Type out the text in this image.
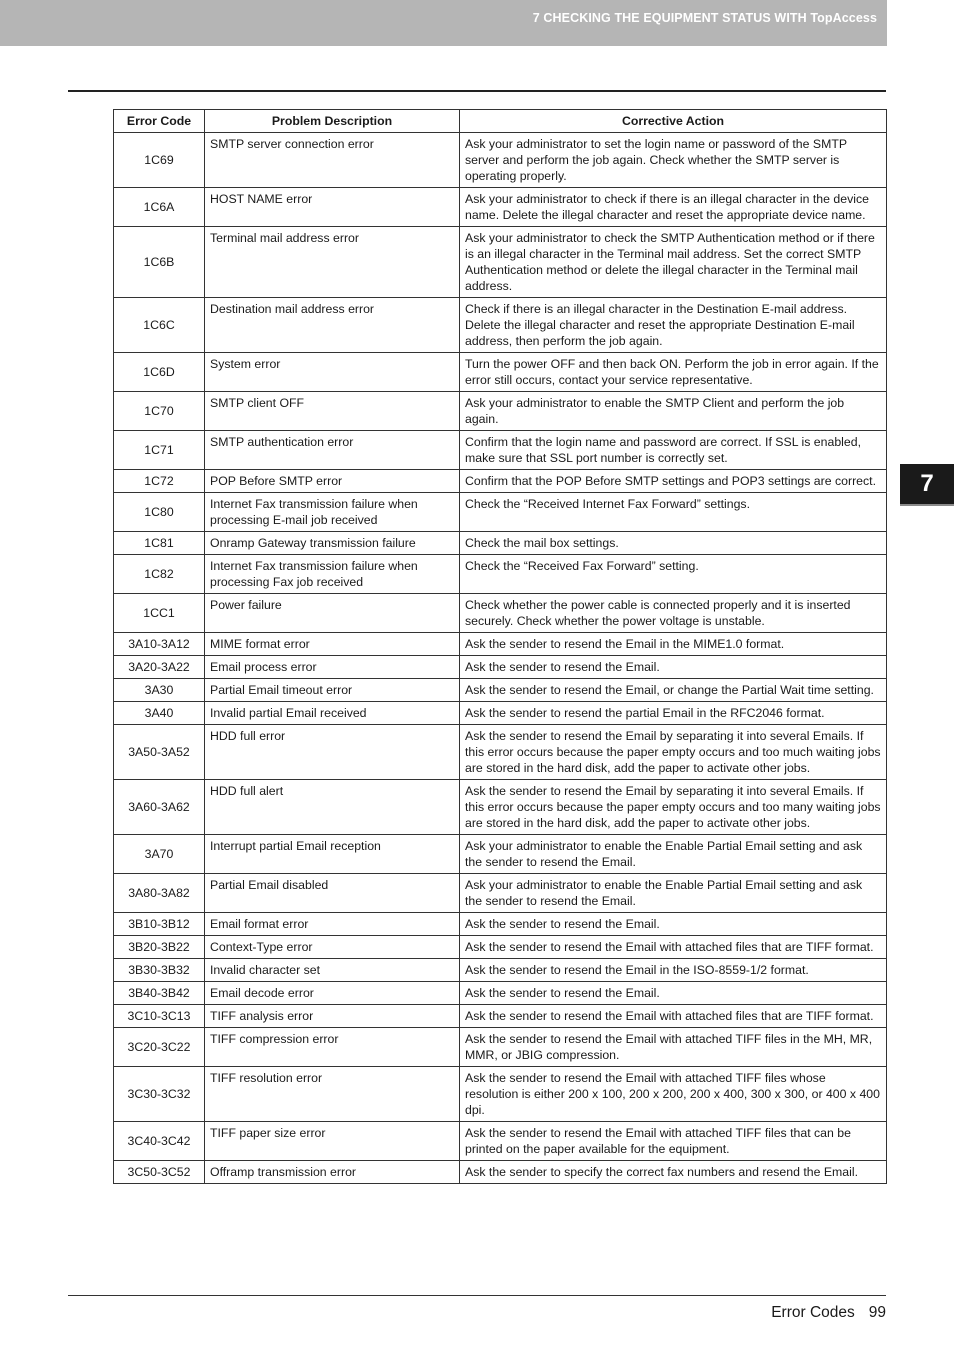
7 CHECKING THE EQUIPMENT STATUS WITH TopAccess
7
Error Code	Problem Description	Corrective Action
1C69	SMTP server connection error	Ask your administrator to set the login name or password of the SMTP server and perform the job again. Check whether the SMTP server is operating properly.
1C6A	HOST NAME error	Ask your administrator to check if there is an illegal character in the device name. Delete the illegal character and reset the appropriate device name.
1C6B	Terminal mail address error	Ask your administrator to check the SMTP Authentication method or if there is an illegal character in the Terminal mail address. Set the correct SMTP Authentication method or delete the illegal character in the Terminal mail address.
1C6C	Destination mail address error	Check if there is an illegal character in the Destination E-mail address. Delete the illegal character and reset the appropriate Destination E-mail address, then perform the job again.
1C6D	System error	Turn the power OFF and then back ON. Perform the job in error again. If the error still occurs, contact your service representative.
1C70	SMTP client OFF	Ask your administrator to enable the SMTP Client and perform the job again.
1C71	SMTP authentication error	Confirm that the login name and password are correct. If SSL is enabled, make sure that SSL port number is correctly set.
1C72	POP Before SMTP error	Confirm that the POP Before SMTP settings and POP3 settings are correct.
1C80	Internet Fax transmission failure when processing E-mail job received	Check the “Received Internet Fax Forward” settings.
1C81	Onramp Gateway transmission failure	Check the mail box settings.
1C82	Internet Fax transmission failure when processing Fax job received	Check the “Received Fax Forward” setting.
1CC1	Power failure	Check whether the power cable is connected properly and it is inserted securely. Check whether the power voltage is unstable.
3A10-3A12	MIME format error	Ask the sender to resend the Email in the MIME1.0 format.
3A20-3A22	Email process error	Ask the sender to resend the Email.
3A30	Partial Email timeout error	Ask the sender to resend the Email, or change the Partial Wait time setting.
3A40	Invalid partial Email received	Ask the sender to resend the partial Email in the RFC2046 format.
3A50-3A52	HDD full error	Ask the sender to resend the Email by separating it into several Emails. If this error occurs because the paper empty occurs and too much waiting jobs are stored in the hard disk, add the paper to activate other jobs.
3A60-3A62	HDD full alert	Ask the sender to resend the Email by separating it into several Emails. If this error occurs because the paper empty occurs and too many waiting jobs are stored in the hard disk, add the paper to activate other jobs.
3A70	Interrupt partial Email reception	Ask your administrator to enable the Enable Partial Email setting and ask the sender to resend the Email.
3A80-3A82	Partial Email disabled	Ask your administrator to enable the Enable Partial Email setting and ask the sender to resend the Email.
3B10-3B12	Email format error	Ask the sender to resend the Email.
3B20-3B22	Context-Type error	Ask the sender to resend the Email with attached files that are TIFF format.
3B30-3B32	Invalid character set	Ask the sender to resend the Email in the ISO-8559-1/2 format.
3B40-3B42	Email decode error	Ask the sender to resend the Email.
3C10-3C13	TIFF analysis error	Ask the sender to resend the Email with attached files that are TIFF format.
3C20-3C22	TIFF compression error	Ask the sender to resend the Email with attached TIFF files in the MH, MR, MMR, or JBIG compression.
3C30-3C32	TIFF resolution error	Ask the sender to resend the Email with attached TIFF files whose resolution is either 200 x 100, 200 x 200, 200 x 400, 300 x 300, or 400 x 400 dpi.
3C40-3C42	TIFF paper size error	Ask the sender to resend the Email with attached TIFF files that can be printed on the paper available for the equipment.
3C50-3C52	Offramp transmission error	Ask the sender to specify the correct fax numbers and resend the Email.
Error Codes 99
